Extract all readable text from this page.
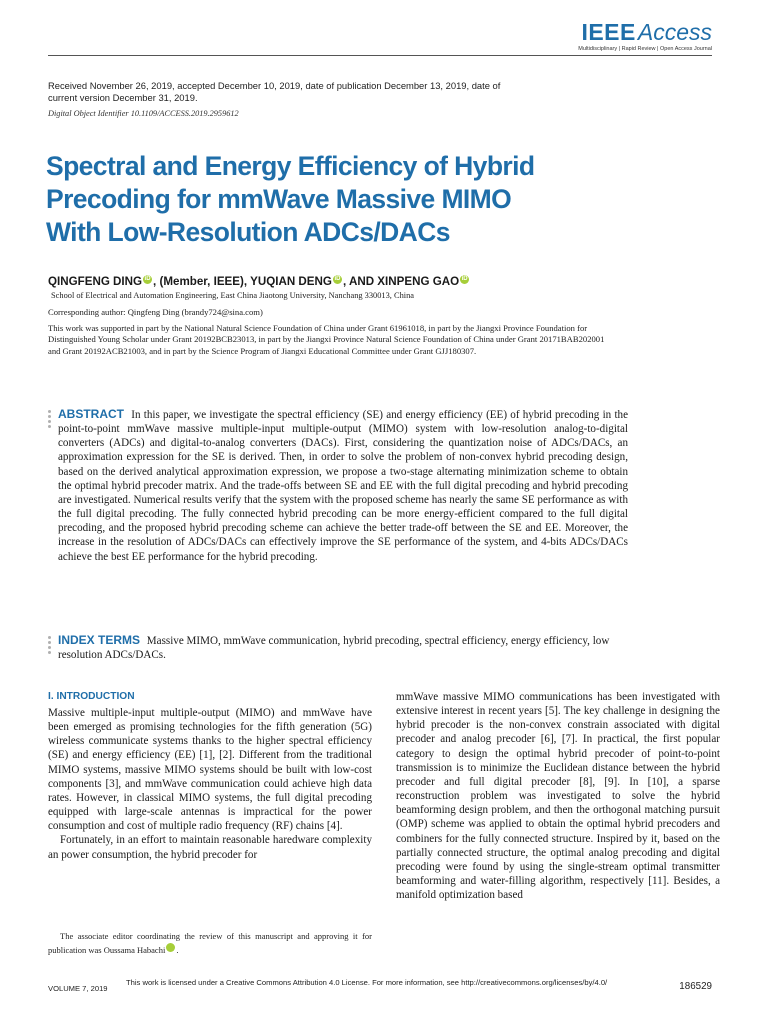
IEEEAccess
Multidisciplinary | Rapid Review | Open Access Journal
Received November 26, 2019, accepted December 10, 2019, date of publication December 13, 2019, date of current version December 31, 2019.
Digital Object Identifier 10.1109/ACCESS.2019.2959612
Spectral and Energy Efficiency of Hybrid Precoding for mmWave Massive MIMO With Low-Resolution ADCs/DACs
QINGFENG DING iD , (Member, IEEE), YUQIAN DENG iD , AND XINPENG GAO iD
School of Electrical and Automation Engineering, East China Jiaotong University, Nanchang 330013, China
Corresponding author: Qingfeng Ding (brandy724@sina.com)
This work was supported in part by the National Natural Science Foundation of China under Grant 61961018, in part by the Jiangxi Province Foundation for Distinguished Young Scholar under Grant 20192BCB23013, in part by the Jiangxi Province Natural Science Foundation of China under Grant 20171BAB202001 and Grant 20192ACB21003, and in part by the Science Program of Jiangxi Educational Committee under Grant GJJ180307.
ABSTRACT In this paper, we investigate the spectral efficiency (SE) and energy efficiency (EE) of hybrid precoding in the point-to-point mmWave massive multiple-input multiple-output (MIMO) system with low-resolution analog-to-digital converters (ADCs) and digital-to-analog converters (DACs). First, considering the quantization noise of ADCs/DACs, an approximation expression for the SE is derived. Then, in order to solve the problem of non-convex hybrid precoding design, based on the derived analytical approximation expression, we propose a two-stage alternating minimization scheme to obtain the optimal hybrid precoder matrix. And the trade-offs between SE and EE with the full digital precoding and hybrid precoding are investigated. Numerical results verify that the system with the proposed scheme has nearly the same SE performance as with the full digital precoding. The fully connected hybrid precoding can be more energy-efficient compared to the full digital precoding, and the proposed hybrid precoding scheme can achieve the better trade-off between the SE and EE. Moreover, the increase in the resolution of ADCs/DACs can effectively improve the SE performance of the system, and 4-bits ADCs/DACs achieve the best EE performance for the hybrid precoding.
INDEX TERMS Massive MIMO, mmWave communication, hybrid precoding, spectral efficiency, energy efficiency, low resolution ADCs/DACs.
I. INTRODUCTION

Massive multiple-input multiple-output (MIMO) and mmWave have been emerged as promising technologies for the fifth generation (5G) wireless communicate systems thanks to the higher spectral efficiency (SE) and energy efficiency (EE) [1], [2]. Different from the traditional MIMO systems, massive MIMO systems should be built with low-cost components [3], and mmWave communication could achieve high data rates. However, in classical MIMO systems, the full digital precoding equipped with large-scale antennas is impractical for the power consumption and cost of multiple radio frequency (RF) chains [4].

Fortunately, in an effort to maintain reasonable haredware complexity an power consumption, the hybrid precoder for

mmWave massive MIMO communications has been investigated with extensive interest in recent years [5]. The key challenge in designing the hybrid precoder is the non-convex constrain associated with digital precoder and analog precoder [6], [7]. In practical, the first popular category to design the optimal hybrid precoder of point-to-point transmission is to minimize the Euclidean distance between the hybrid precoder and full digital precoder [8], [9]. In [10], a sparse reconstruction problem was investigated to solve the hybrid beamforming design problem, and then the orthogonal matching pursuit (OMP) scheme was applied to obtain the optimal hybrid precoders and combiners for the fully connected structure. Inspired by it, based on the partially connected structure, the optimal analog precoding and digital precoding were found by using the single-stream optimal transmitter beamforming and water-filling algorithm, respectively [11]. Besides, a manifold optimization based

The associate editor coordinating the review of this manuscript and approving it for publication was Oussama Habachi iD.
VOLUME 7, 2019
This work is licensed under a Creative Commons Attribution 4.0 License. For more information, see http://creativecommons.org/licenses/by/4.0/	186529
